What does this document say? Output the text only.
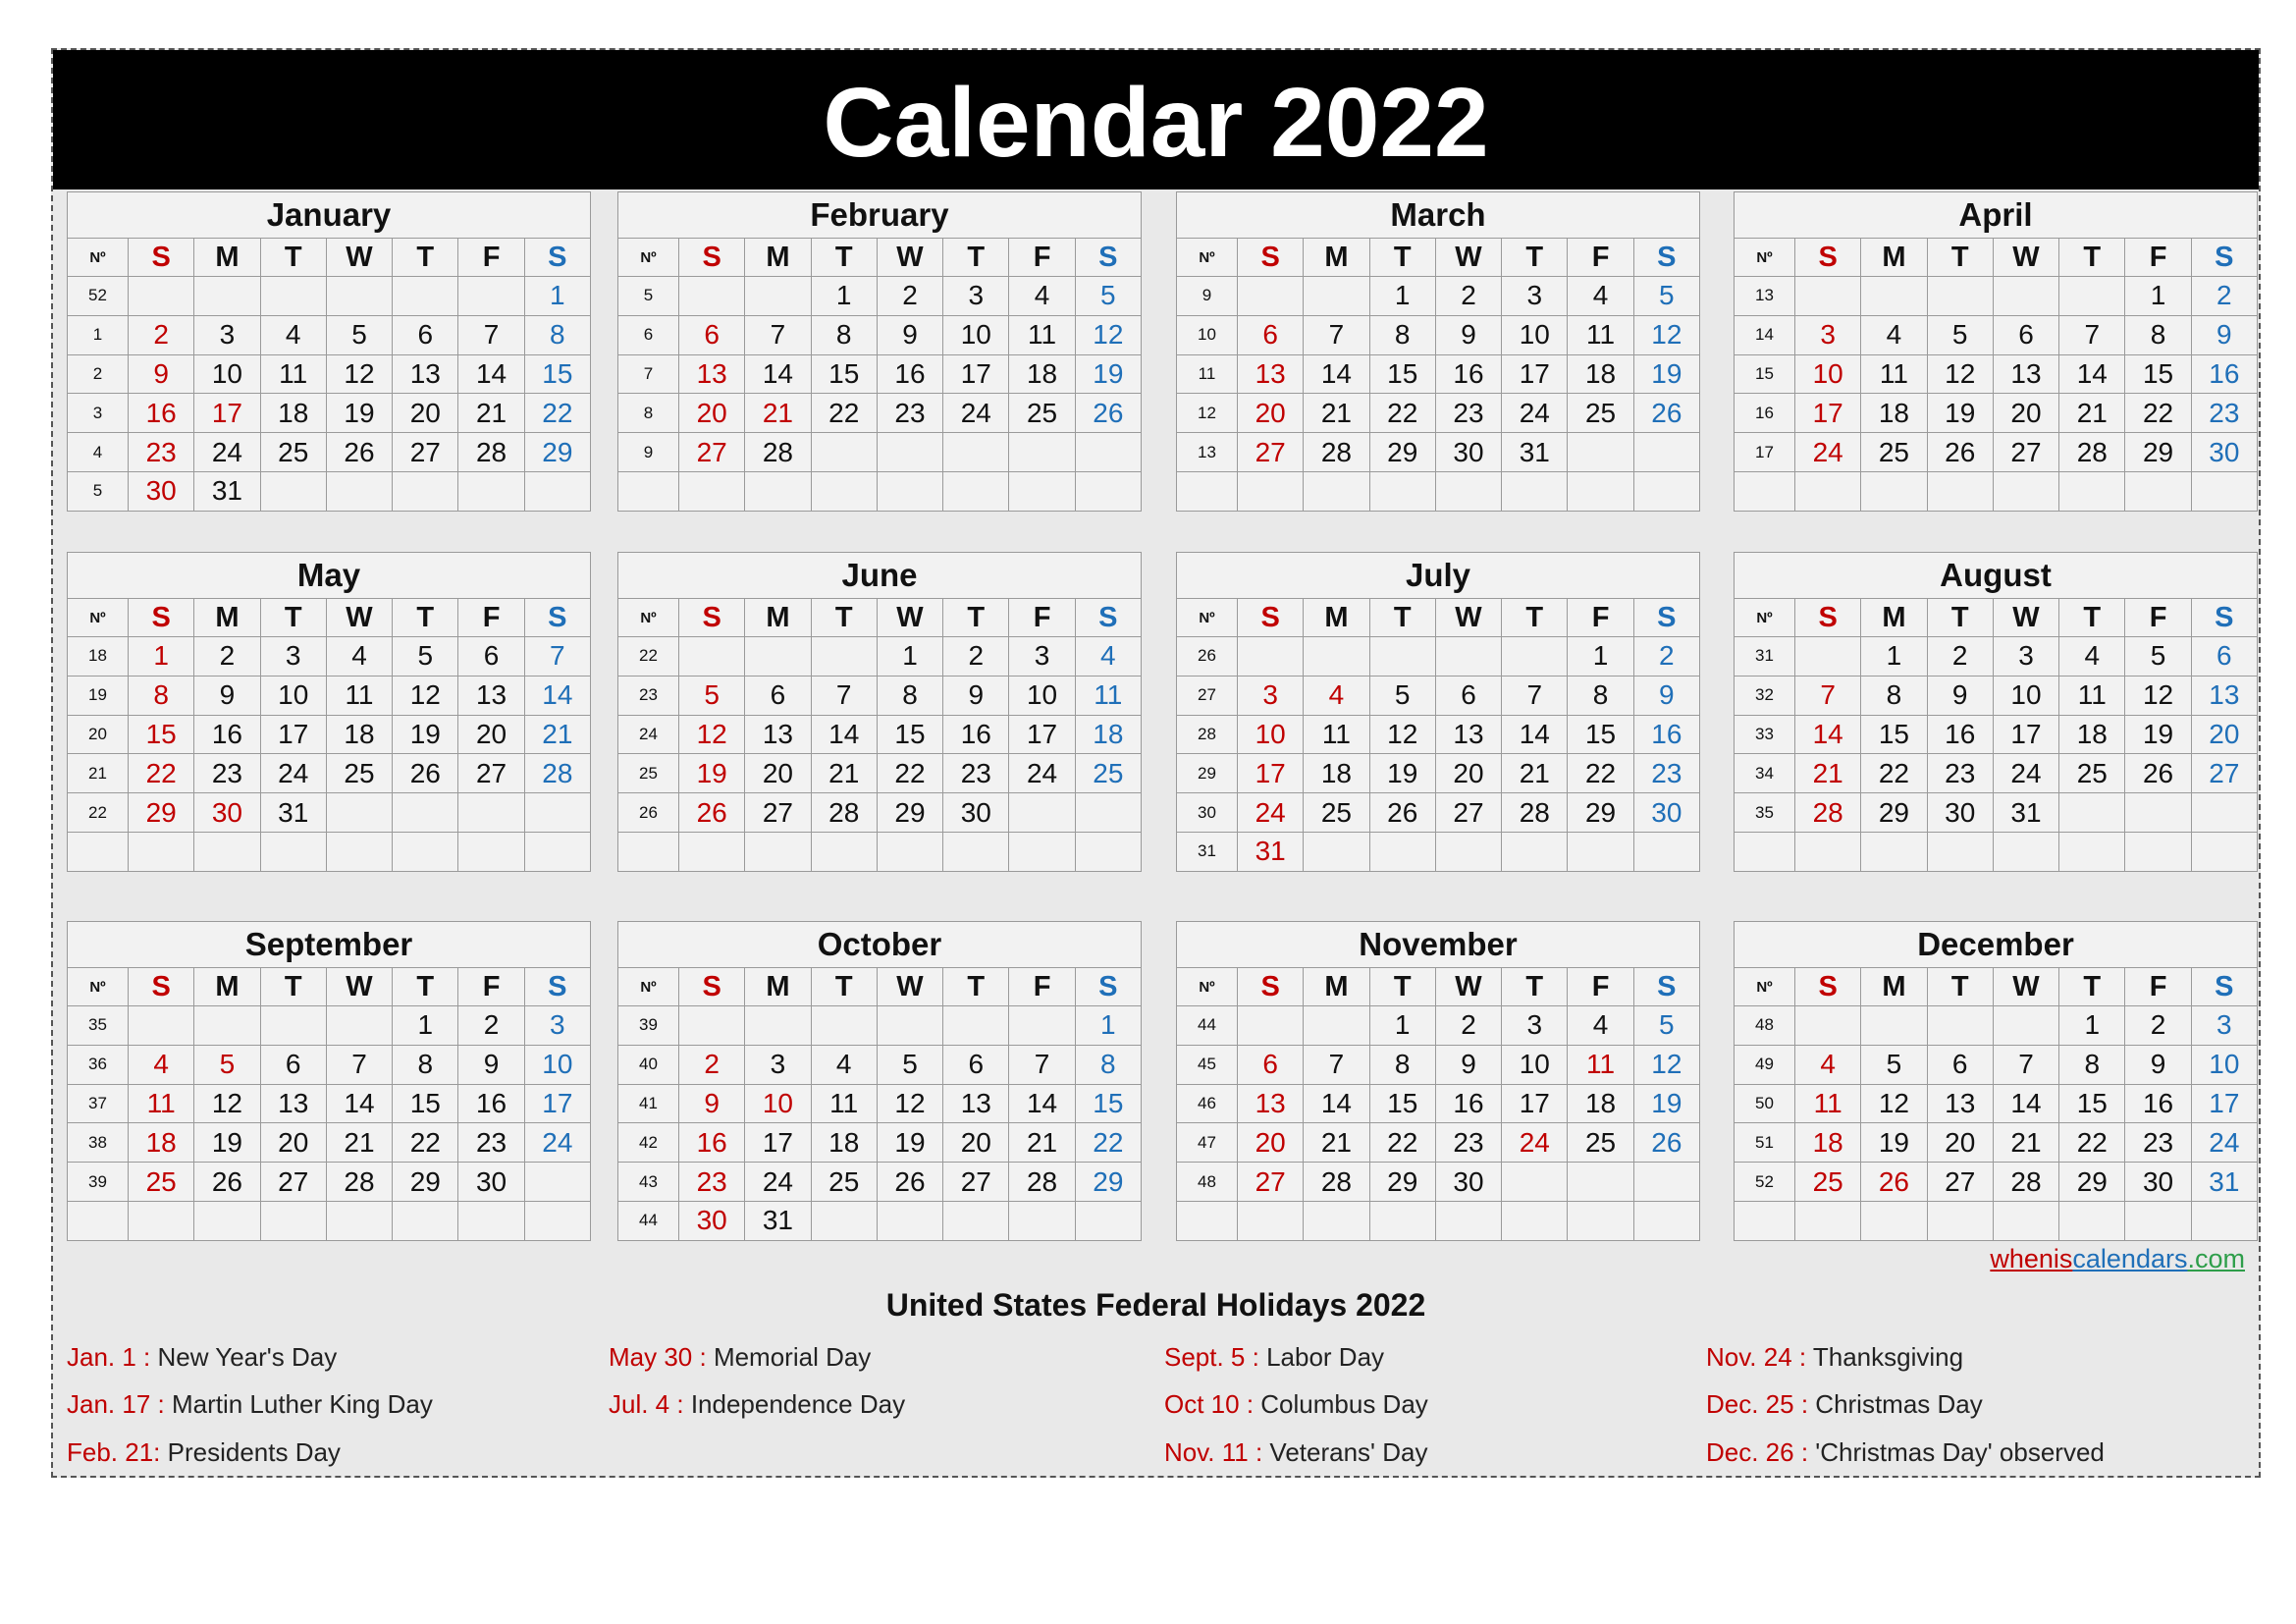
Calendar 2022
January							
Nº	S	M	T	W	T	F	S
52							1
1	2	3	4	5	6	7	8
2	9	10	11	12	13	14	15
3	16	17	18	19	20	21	22
4	23	24	25	26	27	28	29
5	30	31					
February							
Nº	S	M	T	W	T	F	S
5			1	2	3	4	5
6	6	7	8	9	10	11	12
7	13	14	15	16	17	18	19
8	20	21	22	23	24	25	26
9	27	28					

March							
Nº	S	M	T	W	T	F	S
9			1	2	3	4	5
10	6	7	8	9	10	11	12
11	13	14	15	16	17	18	19
12	20	21	22	23	24	25	26
13	27	28	29	30	31		

April							
Nº	S	M	T	W	T	F	S
13						1	2
14	3	4	5	6	7	8	9
15	10	11	12	13	14	15	16
16	17	18	19	20	21	22	23
17	24	25	26	27	28	29	30

May							
Nº	S	M	T	W	T	F	S
18	1	2	3	4	5	6	7
19	8	9	10	11	12	13	14
20	15	16	17	18	19	20	21
21	22	23	24	25	26	27	28
22	29	30	31				

June							
Nº	S	M	T	W	T	F	S
22				1	2	3	4
23	5	6	7	8	9	10	11
24	12	13	14	15	16	17	18
25	19	20	21	22	23	24	25
26	26	27	28	29	30		

July							
Nº	S	M	T	W	T	F	S
26						1	2
27	3	4	5	6	7	8	9
28	10	11	12	13	14	15	16
29	17	18	19	20	21	22	23
30	24	25	26	27	28	29	30
31	31						
August							
Nº	S	M	T	W	T	F	S
31		1	2	3	4	5	6
32	7	8	9	10	11	12	13
33	14	15	16	17	18	19	20
34	21	22	23	24	25	26	27
35	28	29	30	31			

September							
Nº	S	M	T	W	T	F	S
35					1	2	3
36	4	5	6	7	8	9	10
37	11	12	13	14	15	16	17
38	18	19	20	21	22	23	24
39	25	26	27	28	29	30	

October							
Nº	S	M	T	W	T	F	S
39							1
40	2	3	4	5	6	7	8
41	9	10	11	12	13	14	15
42	16	17	18	19	20	21	22
43	23	24	25	26	27	28	29
44	30	31					
November							
Nº	S	M	T	W	T	F	S
44			1	2	3	4	5
45	6	7	8	9	10	11	12
46	13	14	15	16	17	18	19
47	20	21	22	23	24	25	26
48	27	28	29	30			

December							
Nº	S	M	T	W	T	F	S
48					1	2	3
49	4	5	6	7	8	9	10
50	11	12	13	14	15	16	17
51	18	19	20	21	22	23	24
52	25	26	27	28	29	30	31

wheniscalendars.com
United States Federal Holidays 2022
Jan. 1 : New Year's Day
Jan. 17 : Martin Luther King Day
Feb. 21: Presidents Day
May 30 : Memorial Day
Jul. 4 : Independence Day
Sept. 5 : Labor Day
Oct 10 : Columbus Day
Nov. 11 : Veterans' Day
Nov. 24 : Thanksgiving
Dec. 25 : Christmas Day
Dec. 26 : 'Christmas Day' observed
